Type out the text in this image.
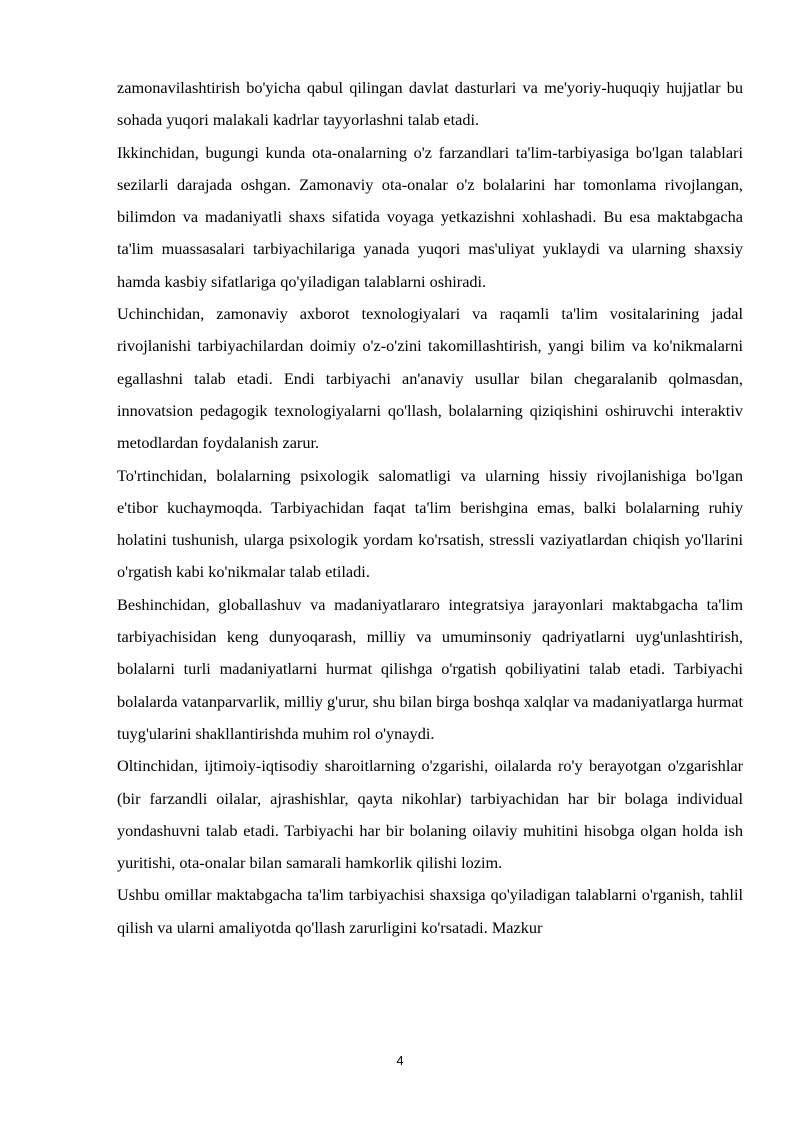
zamonavilashtirish bo'yicha qabul qilingan davlat dasturlari va me'yoriy-huquqiy hujjatlar bu sohada yuqori malakali kadrlar tayyorlashni talab etadi.

Ikkinchidan, bugungi kunda ota-onalarning o'z farzandlari ta'lim-tarbiyasiga bo'lgan talablari sezilarli darajada oshgan. Zamonaviy ota-onalar o'z bolalarini har tomonlama rivojlangan, bilimdon va madaniyatli shaxs sifatida voyaga yetkazishni xohlashadi. Bu esa maktabgacha ta'lim muassasalari tarbiyachilariga yanada yuqori mas'uliyat yuklaydi va ularning shaxsiy hamda kasbiy sifatlariga qo'yiladigan talablarni oshiradi.

Uchinchidan, zamonaviy axborot texnologiyalari va raqamli ta'lim vositalarining jadal rivojlanishi tarbiyachilardan doimiy o'z-o'zini takomillashtirish, yangi bilim va ko'nikmalarni egallashni talab etadi. Endi tarbiyachi an'anaviy usullar bilan chegaralanib qolmasdan, innovatsion pedagogik texnologiyalarni qo'llash, bolalarning qiziqishini oshiruvchi interaktiv metodlardan foydalanish zarur.

To'rtinchidan, bolalarning psixologik salomatligi va ularning hissiy rivojlanishiga bo'lgan e'tibor kuchaymoqda. Tarbiyachidan faqat ta'lim berishgina emas, balki bolalarning ruhiy holatini tushunish, ularga psixologik yordam ko'rsatish, stressli vaziyatlardan chiqish yo'llarini o'rgatish kabi ko'nikmalar talab etiladi.

Beshinchidan, globallashuv va madaniyatlararo integratsiya jarayonlari maktabgacha ta'lim tarbiyachisidan keng dunyoqarash, milliy va umuminsoniy qadriyatlarni uyg'unlashtirish, bolalarni turli madaniyatlarni hurmat qilishga o'rgatish qobiliyatini talab etadi. Tarbiyachi bolalarda vatanparvarlik, milliy g'urur, shu bilan birga boshqa xalqlar va madaniyatlarga hurmat tuyg'ularini shakllantirishda muhim rol o'ynaydi.

Oltinchidan, ijtimoiy-iqtisodiy sharoitlarning o'zgarishi, oilalarda ro'y berayotgan o'zgarishlar (bir farzandli oilalar, ajrashishlar, qayta nikohlar) tarbiyachidan har bir bolaga individual yondashuvni talab etadi. Tarbiyachi har bir bolaning oilaviy muhitini hisobga olgan holda ish yuritishi, ota-onalar bilan samarali hamkorlik qilishi lozim.

Ushbu omillar maktabgacha ta'lim tarbiyachisi shaxsiga qo'yiladigan talablarni o'rganish, tahlil qilish va ularni amaliyotda qo'llash zarurligini ko'rsatadi. Mazkur

4
